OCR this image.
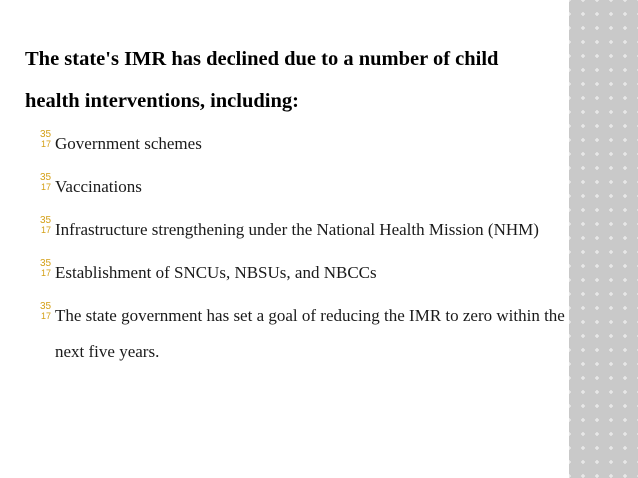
The state's IMR has declined due to a number of child health interventions, including:

35
17 Government schemes
35
17 Vaccinations
35
17 Infrastructure strengthening under the National Health Mission (NHM)
35
17 Establishment of SNCUs, NBSUs, and NBCCs
35
17 The state government has set a goal of reducing the IMR to zero within the next five years.
